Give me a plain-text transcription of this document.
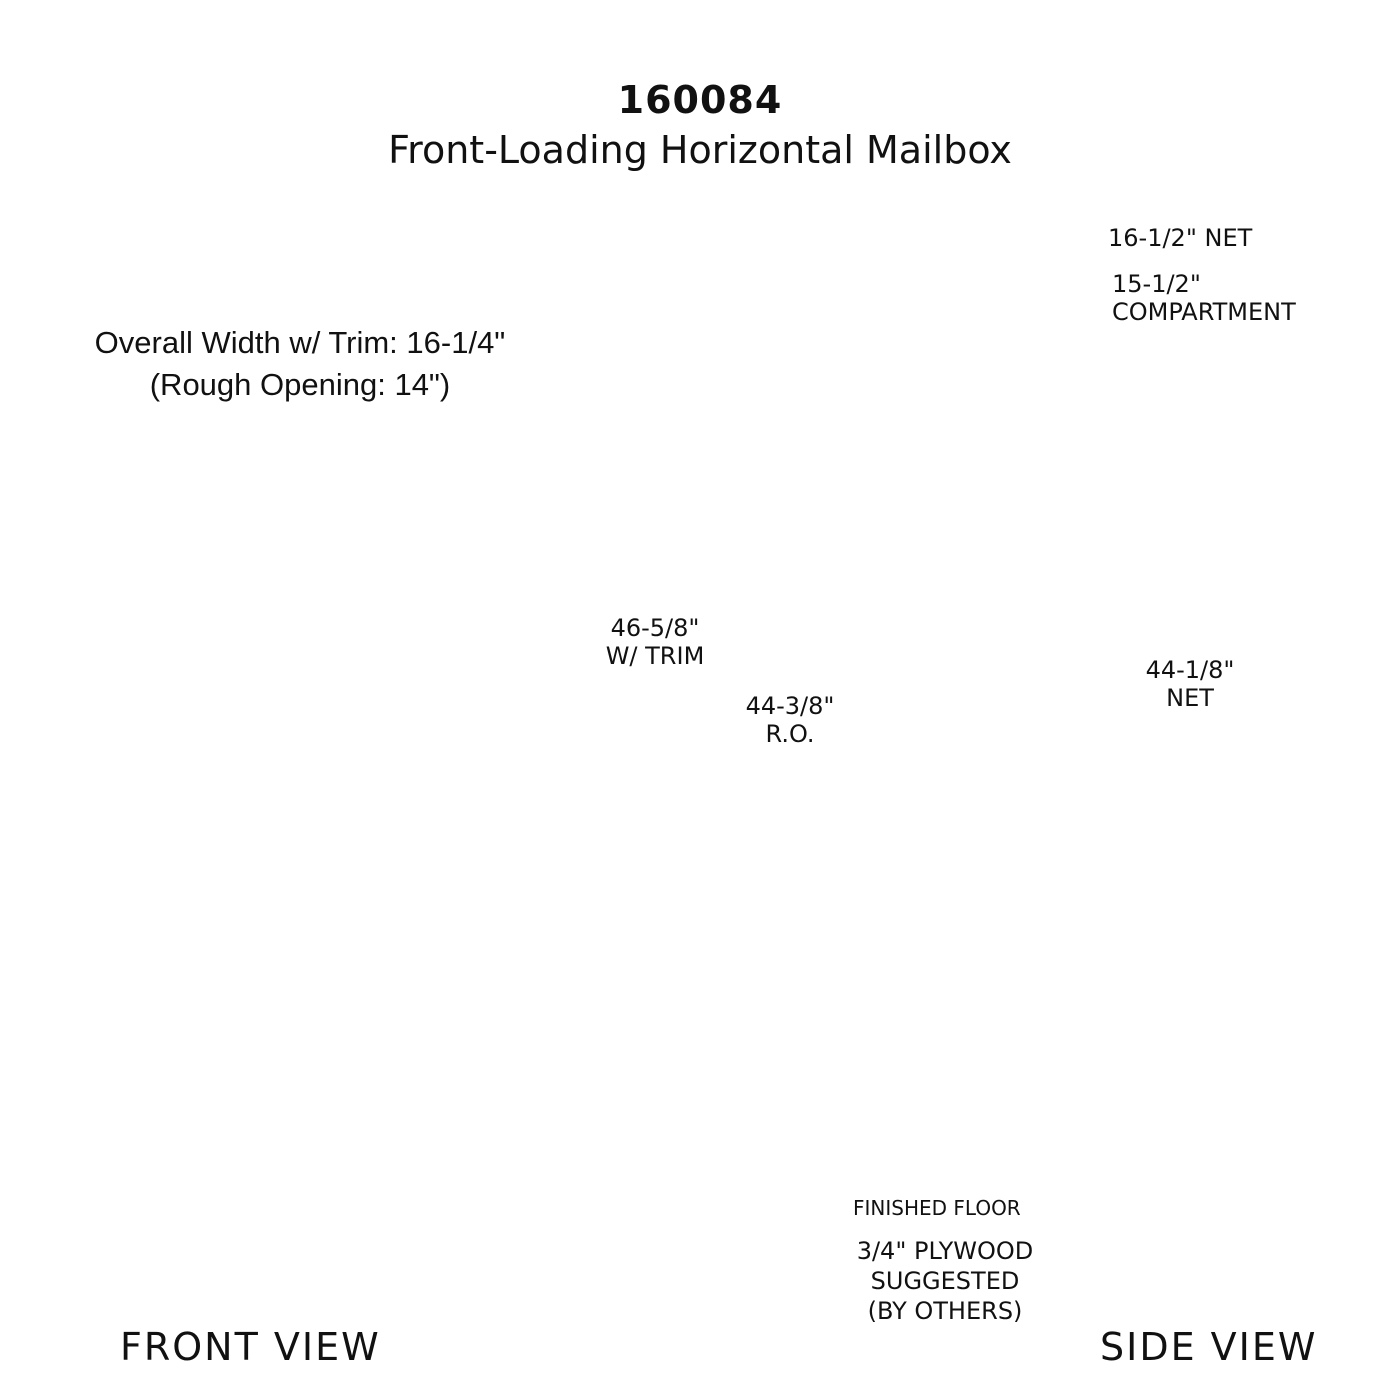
160084
Front-Loading Horizontal Mailbox
Overall Width w/ Trim: 16-1/4"
(Rough Opening: 14")
FRONT VIEW	SIDE VIEW
16-1/2" NET
15-1/2"
COMPARTMENT
46-5/8"
W/ TRIM
44-3/8"
R.O.
44-1/8"
NET
FINISHED FLOOR
3/4" PLYWOOD
SUGGESTED
(BY OTHERS)
